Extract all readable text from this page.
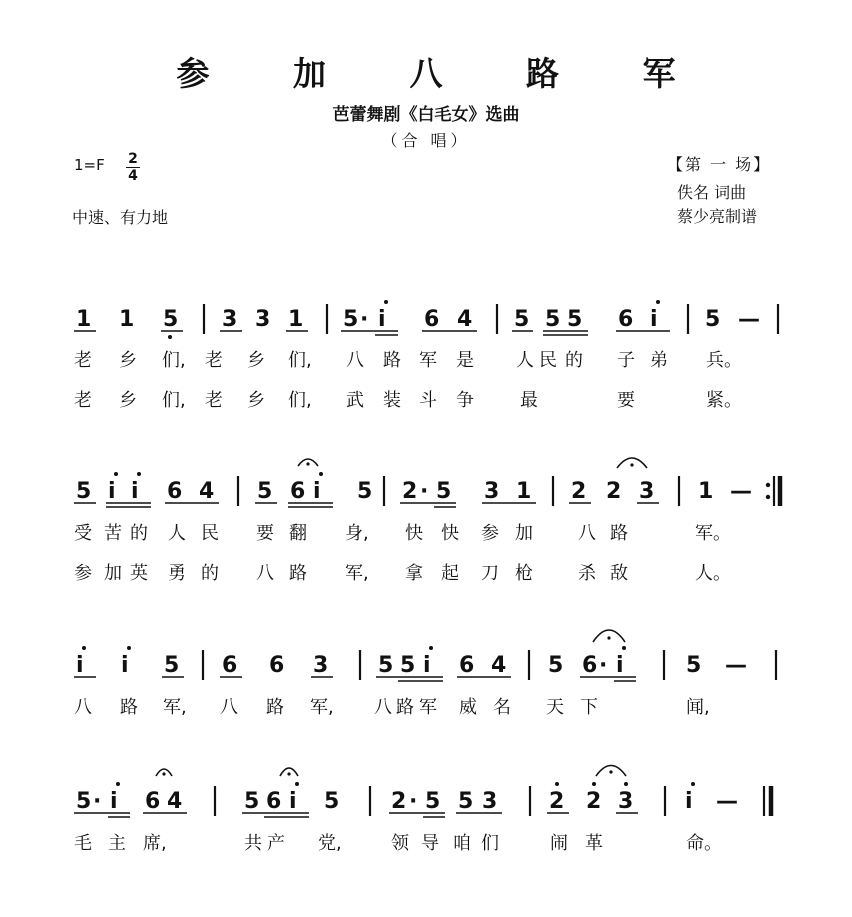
参 加 八 路 军
芭蕾舞剧《白毛女》选曲
（合 唱）
1=F 2
4
中速、有力地
【第 一 场】
佚名 词曲
蔡少亮制谱
1 1 5 3 3 1 5 · i 6 4 5 5 5 6 i 5 —
老 乡 们, 老 乡 们, 八 路 军 是 人 民 的 子 弟 兵。
老 乡 们, 老 乡 们, 武 装 斗 争	最	要	紧。
5 i i 6 4 5 6 i 5 2 · 5 3 1 2 2 3 1 —
受 苦 的 人 民 要 翻 身, 快 快 参 加	八 路	军。
参 加 英 勇 的 八 路 军, 拿 起 刀 枪	杀 敌	人。
i i 5 6 6 3 5 5 i 6 4 5 6 · i	5 —
八 路 军, 八 路 军, 八 路 军 威 名 天 下	闻,
5 · i 6 4	5 6 i 5 2 · 5 5 3 2 2 3 i —
毛 主 席,	共 产 党,	领 导 咱 们	闹 革	命。
